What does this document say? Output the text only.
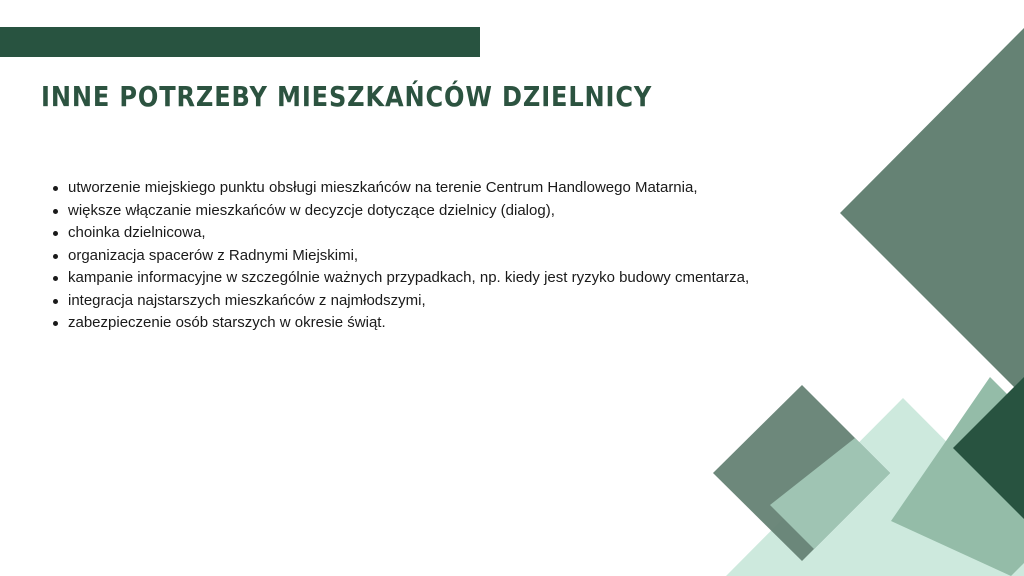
INNE POTRZEBY MIESZKAŃCÓW DZIELNICY
utworzenie miejskiego punktu obsługi mieszkańców na terenie Centrum Handlowego Matarnia,
większe włączanie mieszkańców w decyzcje dotyczące dzielnicy (dialog),
choinka dzielnicowa,
organizacja spacerów z Radnymi Miejskimi,
kampanie informacyjne w szczególnie ważnych przypadkach, np. kiedy jest ryzyko budowy cmentarza,
integracja najstarszych mieszkańców z najmłodszymi,
zabezpieczenie osób starszych w okresie świąt.
